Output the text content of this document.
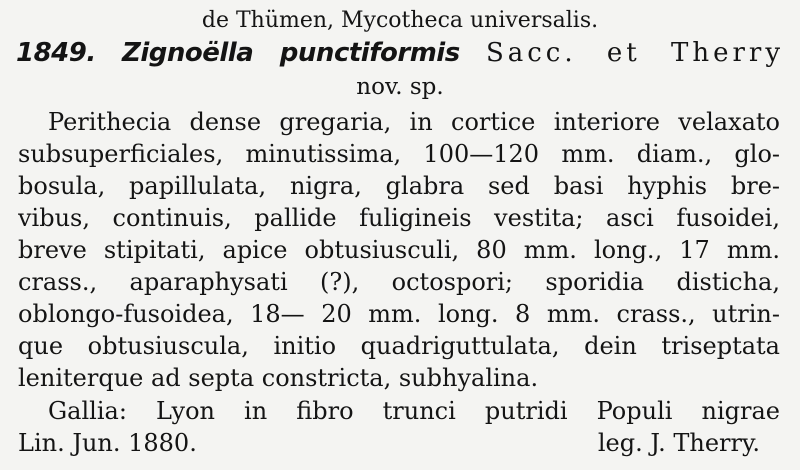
de Thümen, Mycotheca universalis.
1849. Zignoëlla punctiformis Sacc. et Therry
nov. sp.
Perithecia dense gregaria, in cortice interiore velaxato
subsuperficiales, minutissima, 100—120 mm. diam., glo-
bosula, papillulata, nigra, glabra sed basi hyphis bre-
vibus, continuis, pallide fuligineis vestita; asci fusoidei,
breve stipitati, apice obtusiusculi, 80 mm. long., 17 mm.
crass., aparaphysati (?), octospori; sporidia disticha,
oblongo-fusoidea, 18— 20 mm. long. 8 mm. crass., utrin-
que obtusiuscula, initio quadriguttulata, dein triseptata
leniterque ad septa constricta, subhyalina.
Gallia: Lyon in fibro trunci putridi Populi nigrae
Lin. Jun. 1880.	leg. J. Therry.
